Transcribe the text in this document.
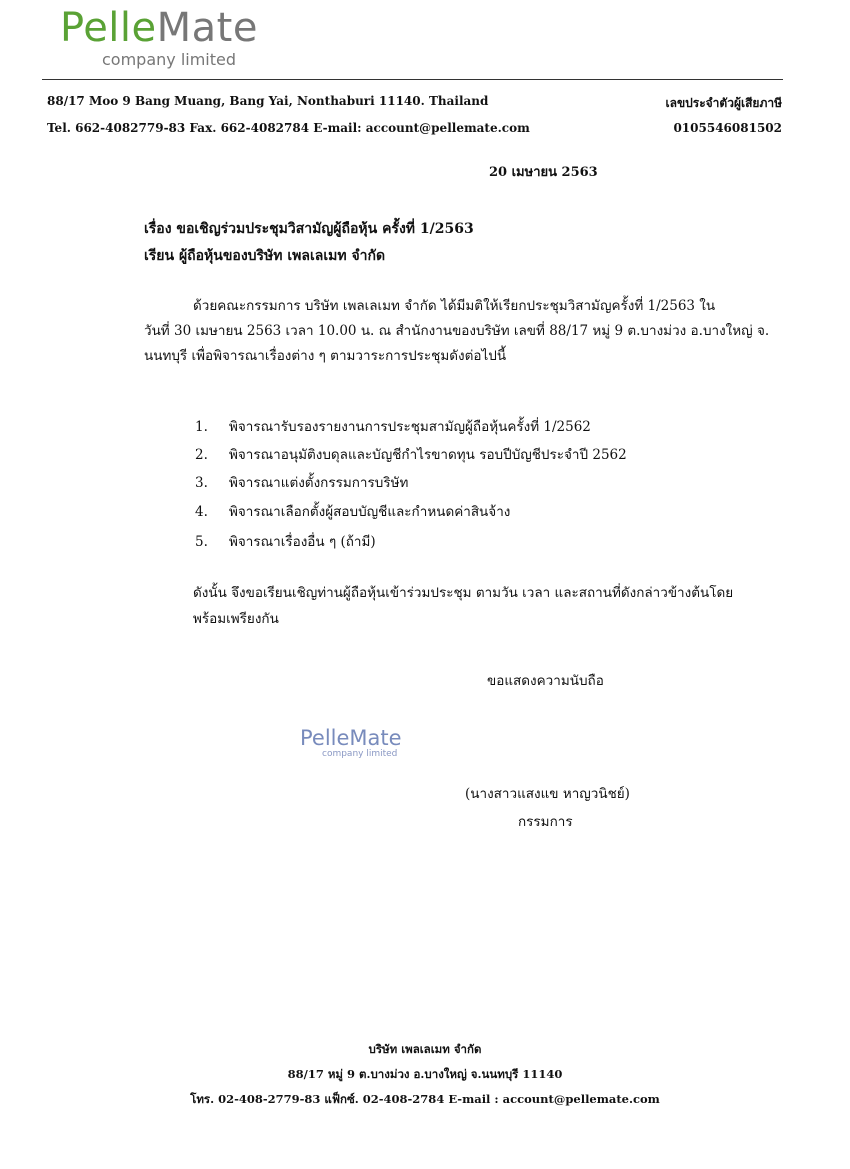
PelleMate
company limited
88/17 Moo 9 Bang Muang, Bang Yai, Nonthaburi 11140. Thailand
Tel. 662-4082779-83 Fax. 662-4082784 E-mail: account@pellemate.com
เลขประจำตัวผู้เสียภาษี
0105546081502
20 เมษายน 2563
เรื่อง ขอเชิญร่วมประชุมวิสามัญผู้ถือหุ้น ครั้งที่ 1/2563
เรียน ผู้ถือหุ้นของบริษัท เพลเลเมท จำกัด
ด้วยคณะกรรมการ บริษัท เพลเลเมท จำกัด ได้มีมติให้เรียกประชุมวิสามัญครั้งที่ 1/2563 ใน
วันที่ 30 เมษายน 2563 เวลา 10.00 น. ณ สำนักงานของบริษัท เลขที่ 88/17 หมู่ 9 ต.บางม่วง อ.บางใหญ่ จ.
นนทบุรี เพื่อพิจารณาเรื่องต่าง ๆ ตามวาระการประชุมดังต่อไปนี้
1. พิจารณารับรองรายงานการประชุมสามัญผู้ถือหุ้นครั้งที่ 1/2562
2. พิจารณาอนุมัติงบดุลและบัญชีกำไรขาดทุน รอบปีบัญชีประจำปี 2562
3. พิจารณาแต่งตั้งกรรมการบริษัท
4. พิจารณาเลือกตั้งผู้สอบบัญชีและกำหนดค่าสินจ้าง
5. พิจารณาเรื่องอื่น ๆ (ถ้ามี)
ดังนั้น จึงขอเรียนเชิญท่านผู้ถือหุ้นเข้าร่วมประชุม ตามวัน เวลา และสถานที่ดังกล่าวข้างต้นโดย
พร้อมเพรียงกัน
ขอแสดงความนับถือ
PelleMate
company limited
(นางสาวแสงแข หาญวนิชย์)
กรรมการ
บริษัท เพลเลเมท จำกัด
88/17 หมู่ 9 ต.บางม่วง อ.บางใหญ่ จ.นนทบุรี 11140
โทร. 02-408-2779-83 แฟ็กซ์. 02-408-2784 E-mail : account@pellemate.com
